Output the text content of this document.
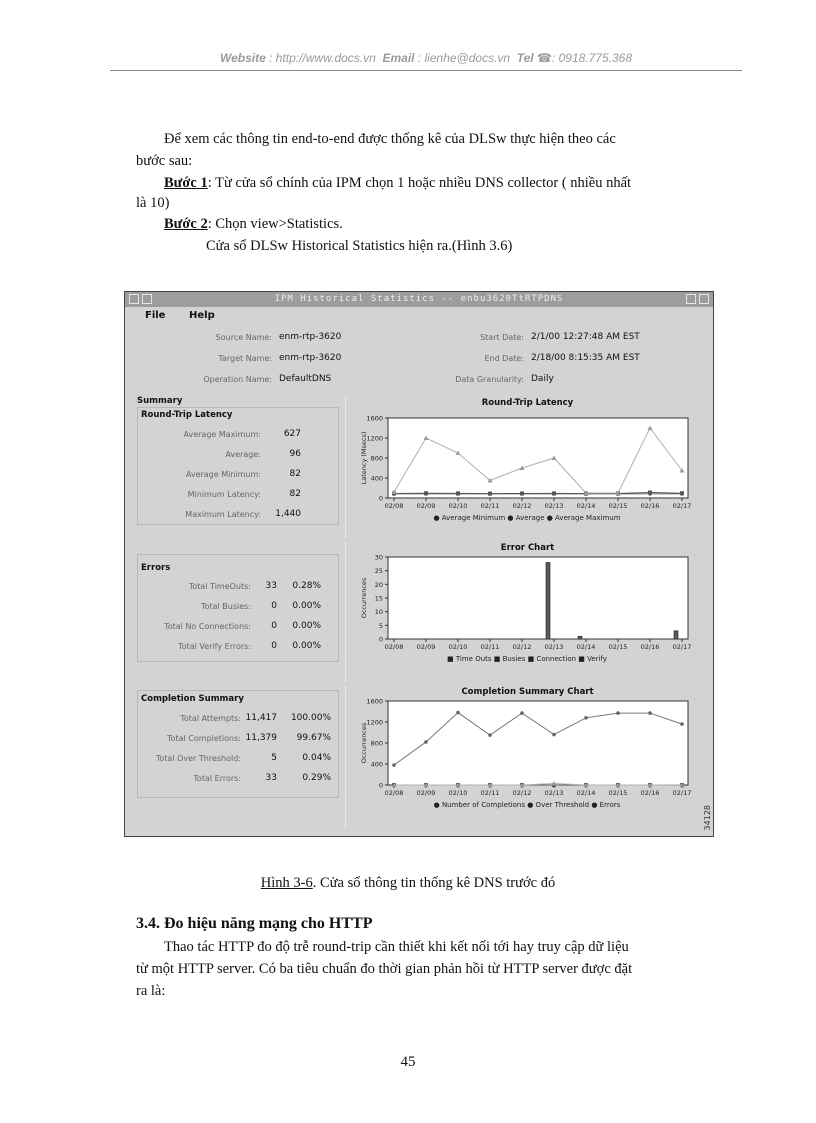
Website : http://www.docs.vn Email : lienhe@docs.vn Tel ☎: 0918.775.368
Để xem các thông tin end-to-end được thống kê của DLSw thực hiện theo các
bước sau:
Bước 1: Từ cửa sổ chính của IPM chọn 1 hoặc nhiều DNS collector ( nhiều nhất
là 10)
Bước 2: Chọn view>Statistics.
Cửa sổ DLSw Historical Statistics hiện ra.(Hình 3.6)
IPM Historical Statistics -- enbu3620TtRTPDNS
File Help
Source Name: enm-rtp-3620
Target Name: enm-rtp-3620
Operation Name: DefaultDNS
Start Date: 2/1/00 12:27:48 AM EST
End Date: 2/18/00 8:15:35 AM EST
Data Granularity: Daily
Summary
Round-Trip Latency
Errors
Completion Summary
Round-Trip Latency
0
400
800
1200
1600
Latency (Msecs)
02/08 02/09 02/10 02/11 02/12 02/13 02/14 02/15 02/16 02/17
● Average Minimum ● Average ● Average Maximum
Error Chart
0
5
10
15
20
25
30
Occurrences
02/08 02/09 02/10 02/11 02/12 02/13 02/14 02/15 02/16 02/17
■ Time Outs ■ Busies ■ Connection ■ Verify
Completion Summary Chart
0
400
800
1200
1600
Occurrences
02/08 02/09 02/10 02/11 02/12 02/13 02/14 02/15 02/16 02/17
● Number of Completions ● Over Threshold ● Errors	34128
Average Maximum:	627
Average:	96
Average Minimum:	82
Minimum Latency:	82
Maximum Latency: 1,440
Total TimeOuts: 33 0.28%
Total Busies: 0 0.00%
Total No Connections: 0 0.00%
Total Verify Errors: 0 0.00%
Total Attempts: 11,417 100.00%
Total Completions: 11,379 99.67%
Total Over Threshold:	5	0.04%
Total Errors:	33	0.29%
Hình 3-6. Cửa sổ thông tin thống kê DNS trước đó
3.4. Đo hiệu năng mạng cho HTTP
Thao tác HTTP đo độ trễ round-trip cần thiết khi kết nối tới hay truy cập dữ liệu
từ một HTTP server. Có ba tiêu chuẩn đo thời gian phản hồi từ HTTP server được đặt
ra là:
45
